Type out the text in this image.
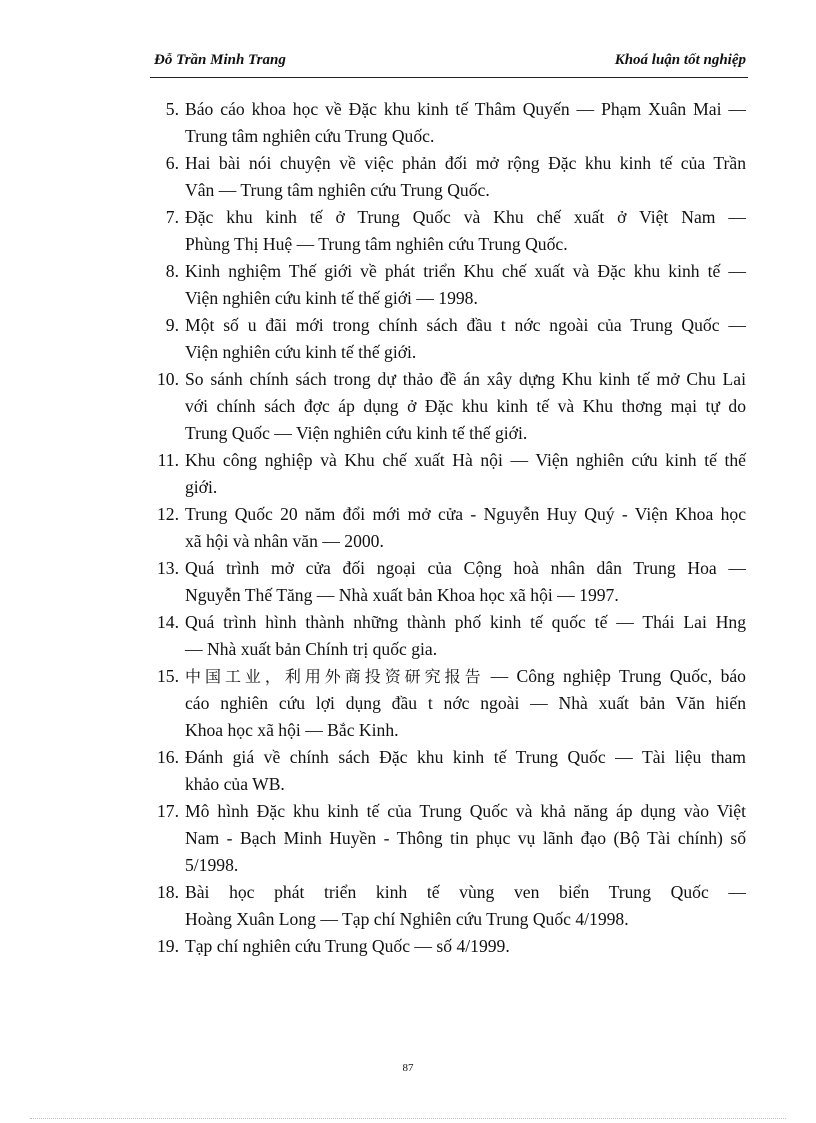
Đỗ Trần Minh Trang	Khoá luận tốt nghiệp
5. Báo cáo khoa học về Đặc khu kinh tế Thâm Quyến — Phạm Xuân Mai —
Trung tâm nghiên cứu Trung Quốc.
6. Hai bài nói chuyện về việc phản đối mở rộng Đặc khu kinh tế của Trần
Vân — Trung tâm nghiên cứu Trung Quốc.
7. Đặc khu kinh tế ở Trung Quốc và Khu chế xuất ở Việt Nam —
Phùng Thị Huệ — Trung tâm nghiên cứu Trung Quốc.
8. Kinh nghiệm Thế giới về phát triển Khu chế xuất và Đặc khu kinh tế —
Viện nghiên cứu kinh tế thế giới — 1998.
9. Một số u đãi mới trong chính sách đầu t nớc ngoài của Trung Quốc —
Viện nghiên cứu kinh tế thế giới.
10. So sánh chính sách trong dự thảo đề án xây dựng Khu kinh tế mở Chu Lai
với chính sách đợc áp dụng ở Đặc khu kinh tế và Khu thơng mại tự do
Trung Quốc — Viện nghiên cứu kinh tế thế giới.
11. Khu công nghiệp và Khu chế xuất Hà nội — Viện nghiên cứu kinh tế thế
giới.
12. Trung Quốc 20 năm đổi mới mở cửa - Nguyễn Huy Quý - Viện Khoa học
xã hội và nhân văn — 2000.
13. Quá trình mở cửa đối ngoại của Cộng hoà nhân dân Trung Hoa —
Nguyễn Thế Tăng — Nhà xuất bản Khoa học xã hội — 1997.
14. Quá trình hình thành những thành phố kinh tế quốc tế — Thái Lai Hng
— Nhà xuất bản Chính trị quốc gia.
15. 中国工业，利用外商投资研究报告 — Công nghiệp Trung Quốc, báo
cáo nghiên cứu lợi dụng đầu t nớc ngoài — Nhà xuất bản Văn hiến
Khoa học xã hội — Bắc Kinh.
16. Đánh giá về chính sách Đặc khu kinh tế Trung Quốc — Tài liệu tham
khảo của WB.
17. Mô hình Đặc khu kinh tế của Trung Quốc và khả năng áp dụng vào Việt
Nam - Bạch Minh Huyền - Thông tin phục vụ lãnh đạo (Bộ Tài chính) số
5/1998.
18. Bài học phát triển kinh tế vùng ven biển Trung Quốc —
Hoàng Xuân Long — Tạp chí Nghiên cứu Trung Quốc 4/1998.
19. Tạp chí nghiên cứu Trung Quốc — số 4/1999.
87
